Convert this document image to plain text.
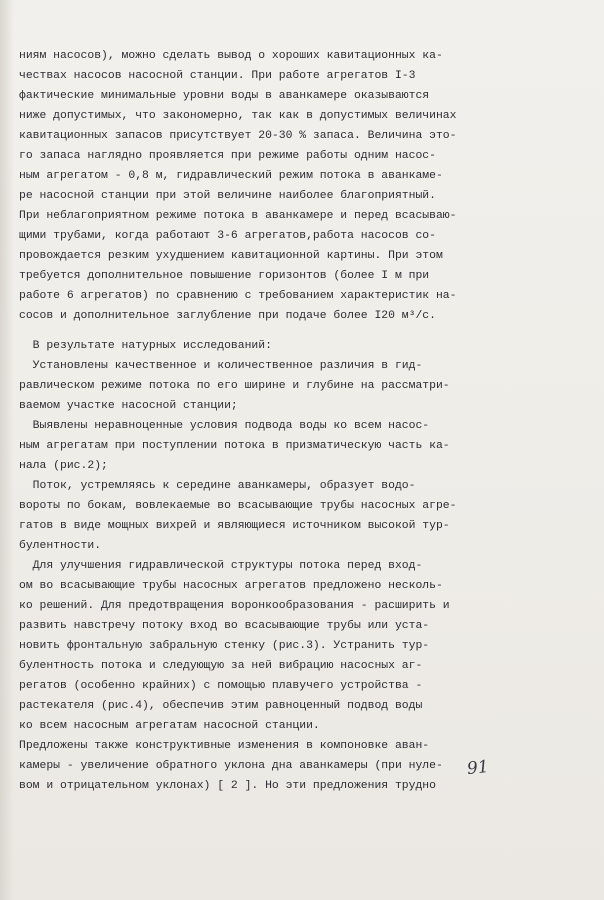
ниям насосов), можно сделать вывод о хороших кавитационных ка-
чествах насосов насосной станции. При работе агрегатов I-3
фактические минимальные уровни воды в аванкамере оказываются
ниже допустимых, что закономерно, так как в допустимых величинах
кавитационных запасов присутствует 20-30 % запаса. Величина это-
го запаса наглядно проявляется при режиме работы одним насос-
ным агрегатом - 0,8 м, гидравлический режим потока в аванкаме-
ре насосной станции при этой величине наиболее благоприятный.
При неблагоприятном режиме потока в аванкамере и перед всасываю-
щими трубами, когда работают 3-6 агрегатов,работа насосов со-
провождается резким ухудшением кавитационной картины. При этом
требуется дополнительное повышение горизонтов (более I м при
работе 6 агрегатов) по сравнению с требованием характеристик на-
сосов и дополнительное заглубление при подаче более I20 м³/с.
В результате натурных исследований:
Установлены качественное и количественное различия в гид-
равлическом режиме потока по его ширине и глубине на рассматри-
ваемом участке насосной станции;
Выявлены неравноценные условия подвода воды ко всем насос-
ным агрегатам при поступлении потока в призматическую часть ка-
нала (рис.2);
Поток, устремляясь к середине аванкамеры, образует водо-
вороты по бокам, вовлекаемые во всасывающие трубы насосных агре-
гатов в виде мощных вихрей и являющиеся источником высокой тур-
булентности.
Для улучшения гидравлической структуры потока перед вход-
ом во всасывающие трубы насосных агрегатов предложено несколь-
ко решений. Для предотвращения воронкообразования - расширить и
развить навстречу потоку вход во всасывающие трубы или уста-
новить фронтальную забральную стенку (рис.3). Устранить тур-
булентность потока и следующую за ней вибрацию насосных аг-
регатов (особенно крайних) с помощью плавучего устройства -
растекателя (рис.4), обеспечив этим равноценный подвод воды
ко всем насосным агрегатам насосной станции.
Предложены также конструктивные изменения в компоновке аван-
камеры - увеличение обратного уклона дна аванкамеры (при нуле-
вом и отрицательном уклонах) [ 2 ]. Но эти предложения трудно
91
